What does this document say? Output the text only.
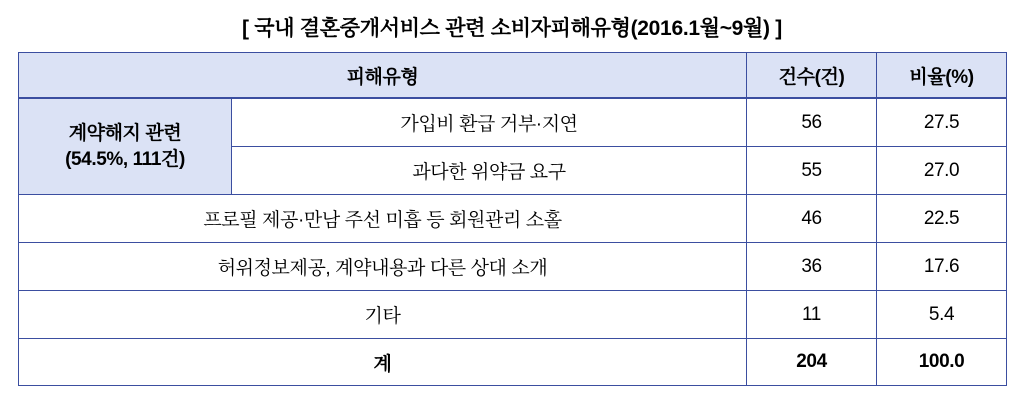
[ 국내 결혼중개서비스 관련 소비자피해유형(2016.1월~9월) ]
피해유형		건수(건)	비율(%)

계약해지 관련
(54.5%, 111건)	가입비 환급 거부·지연	56	27.5
	과다한 위약금 요구	55	27.0
프로필 제공·만남 주선 미흡 등 회원관리 소홀		46	22.5
허위정보제공, 계약내용과 다른 상대 소개		36	17.6
기타		11	5.4
계		204	100.0
